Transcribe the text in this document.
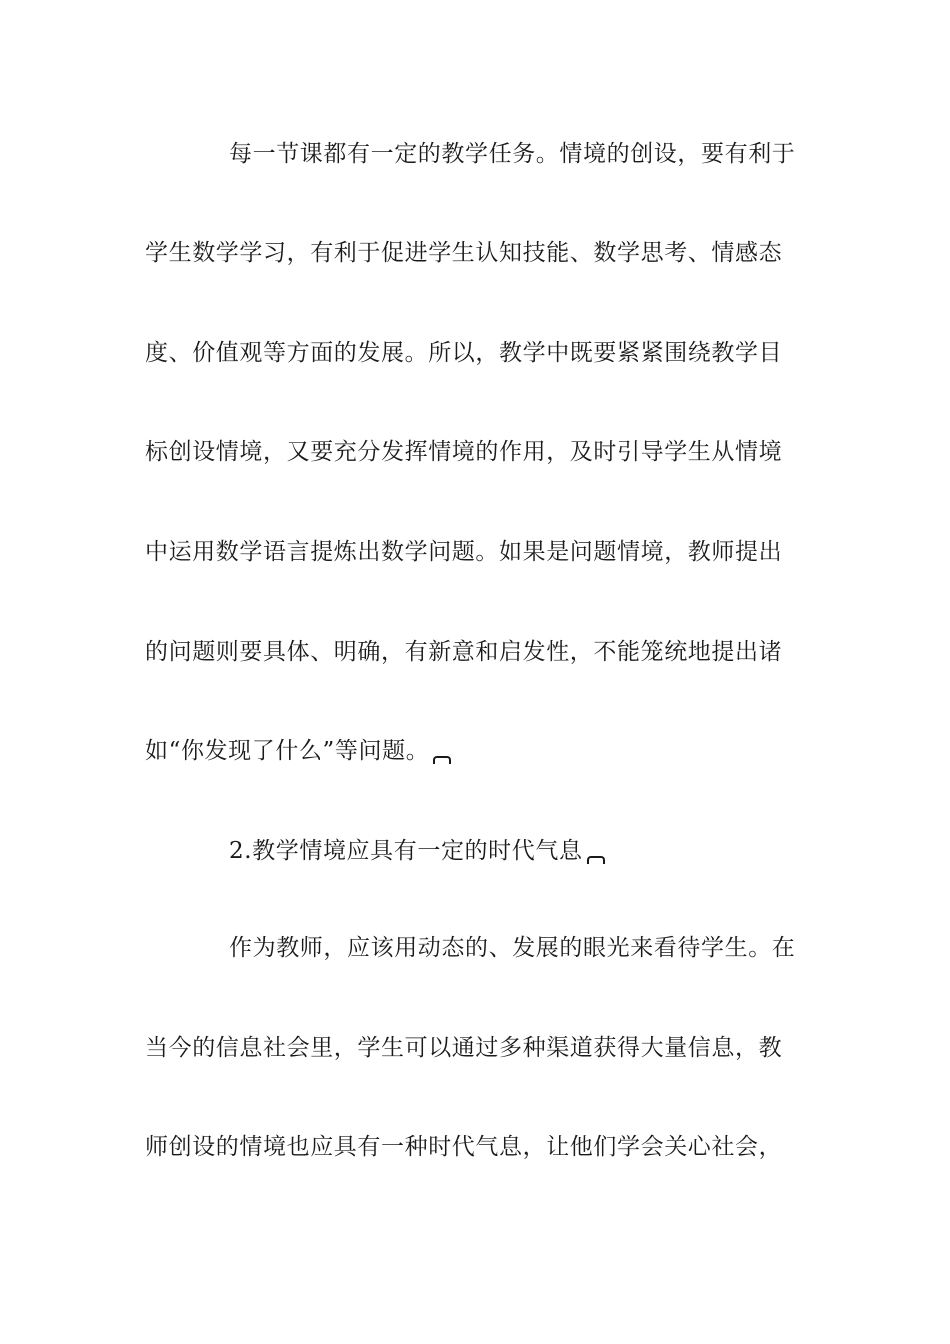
每一节课都有一定的教学任务。情境的创设，要有利于
学生数学学习，有利于促进学生认知技能、数学思考、情感态
度、价值观等方面的发展。所以，教学中既要紧紧围绕教学目
标创设情境，又要充分发挥情境的作用，及时引导学生从情境
中运用数学语言提炼出数学问题。如果是问题情境，教师提出
的问题则要具体、明确，有新意和启发性，不能笼统地提出诸
如“你发现了什么”等问题。
2.教学情境应具有一定的时代气息
作为教师，应该用动态的、发展的眼光来看待学生。在
当今的信息社会里，学生可以通过多种渠道获得大量信息，教
师创设的情境也应具有一种时代气息，让他们学会关心社会，
